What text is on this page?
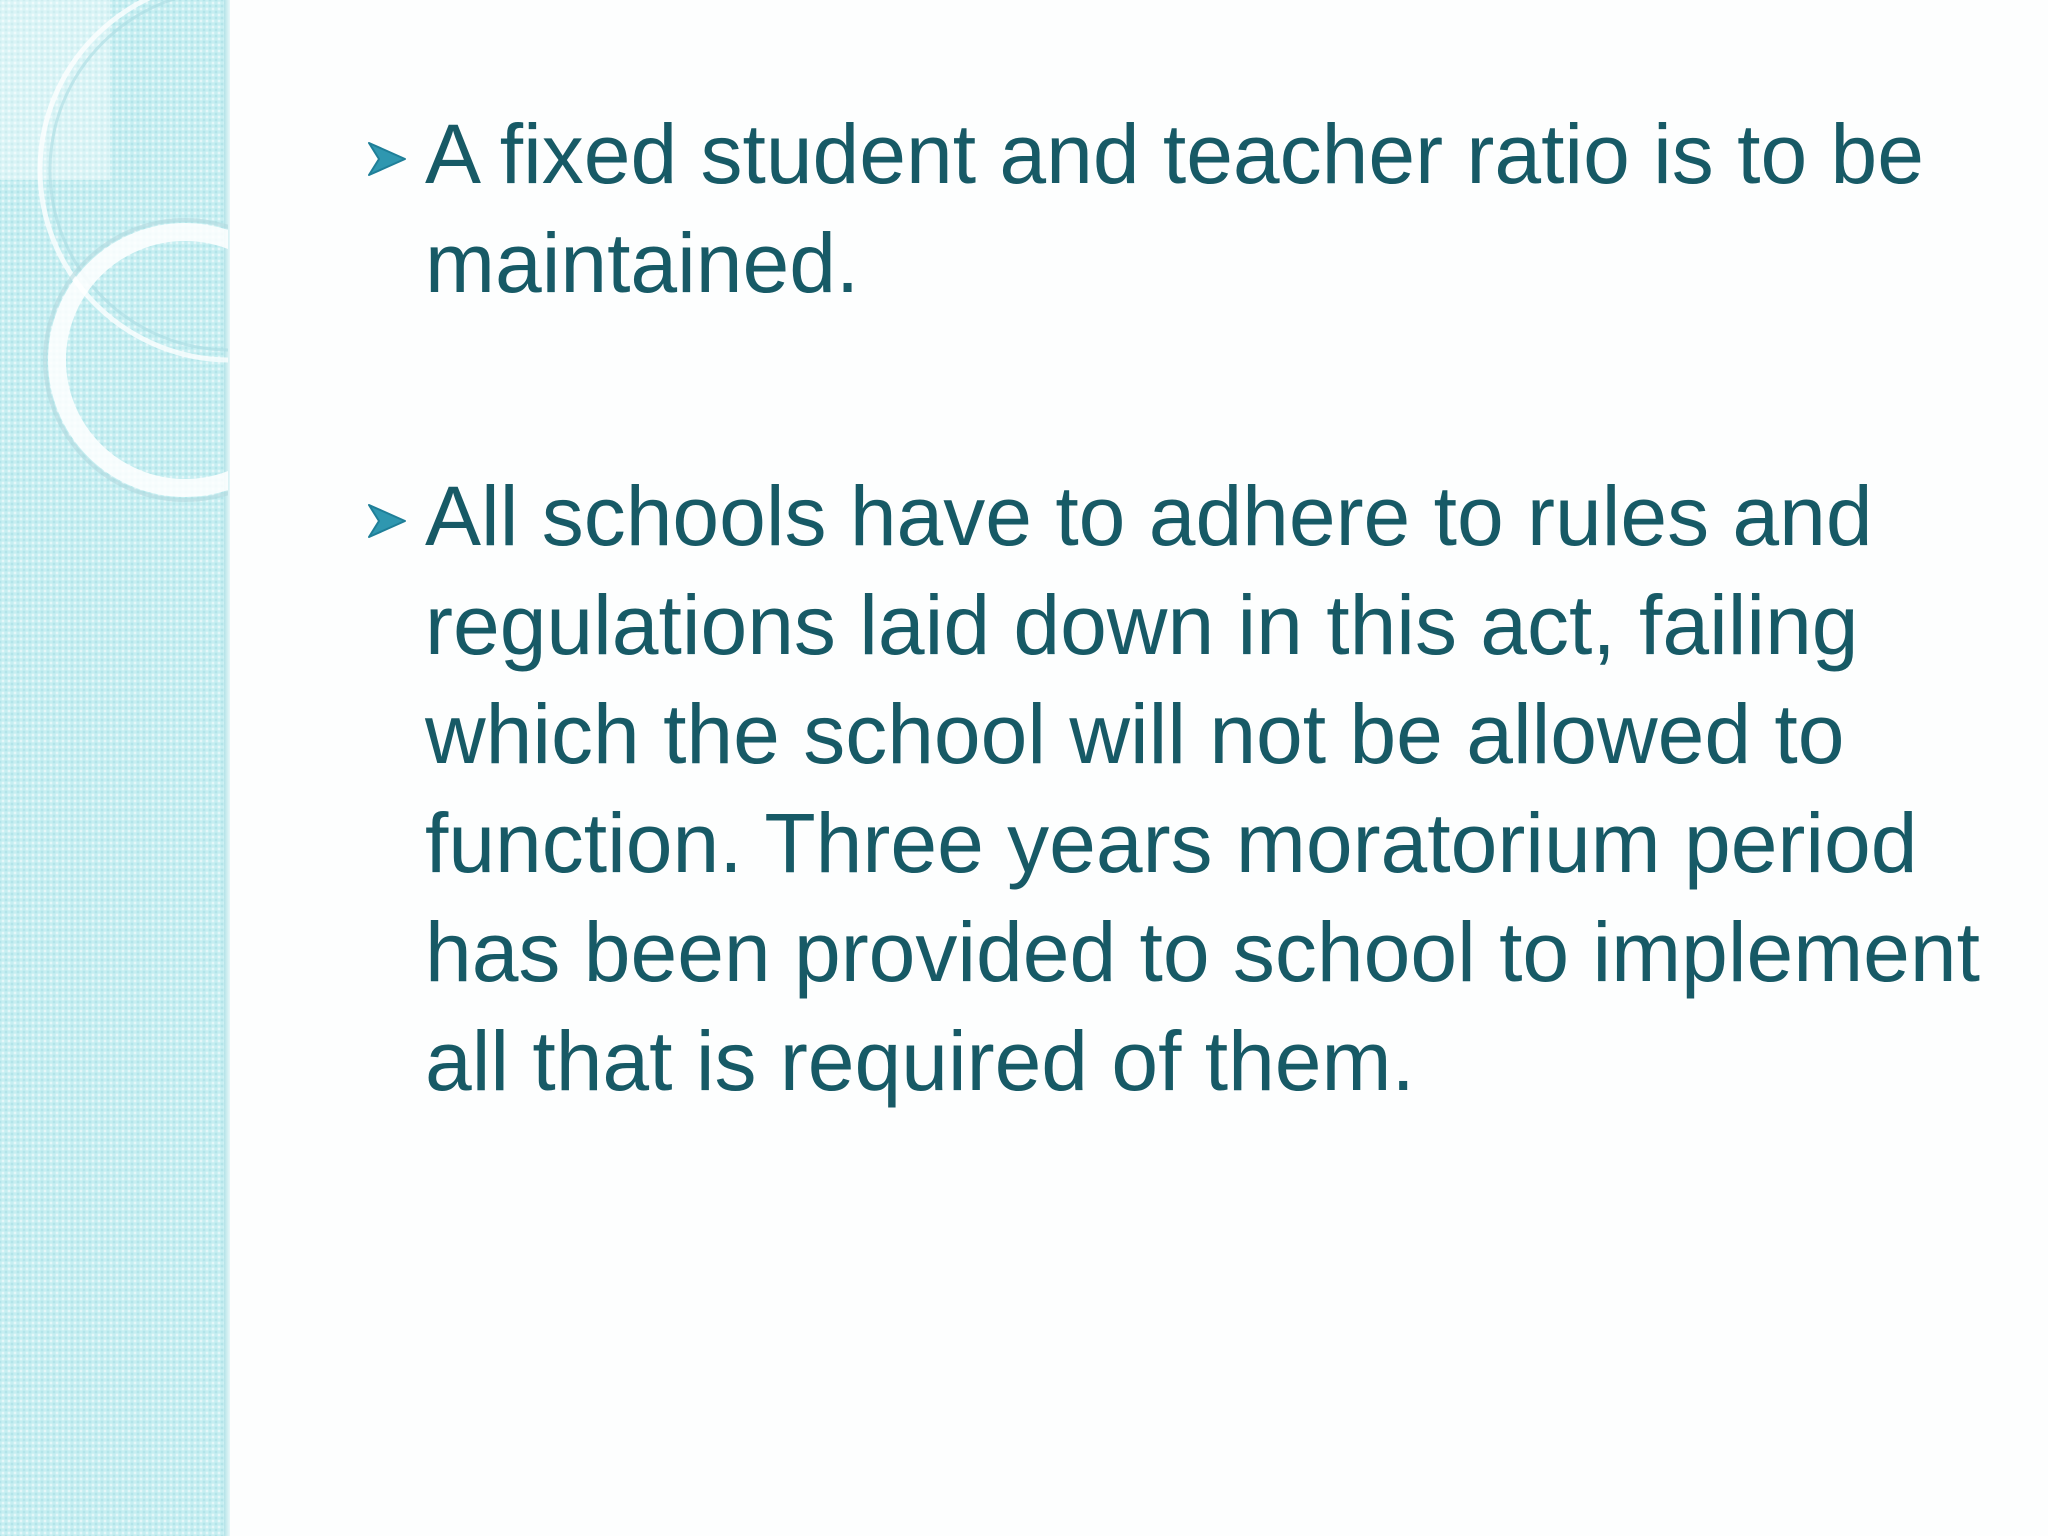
A fixed student and teacher ratio is to be maintained.
All schools have to adhere to rules and regulations laid down in this act, failing which the school will not be allowed to function. Three years moratorium period has been provided to school to implement all that is required of them.
